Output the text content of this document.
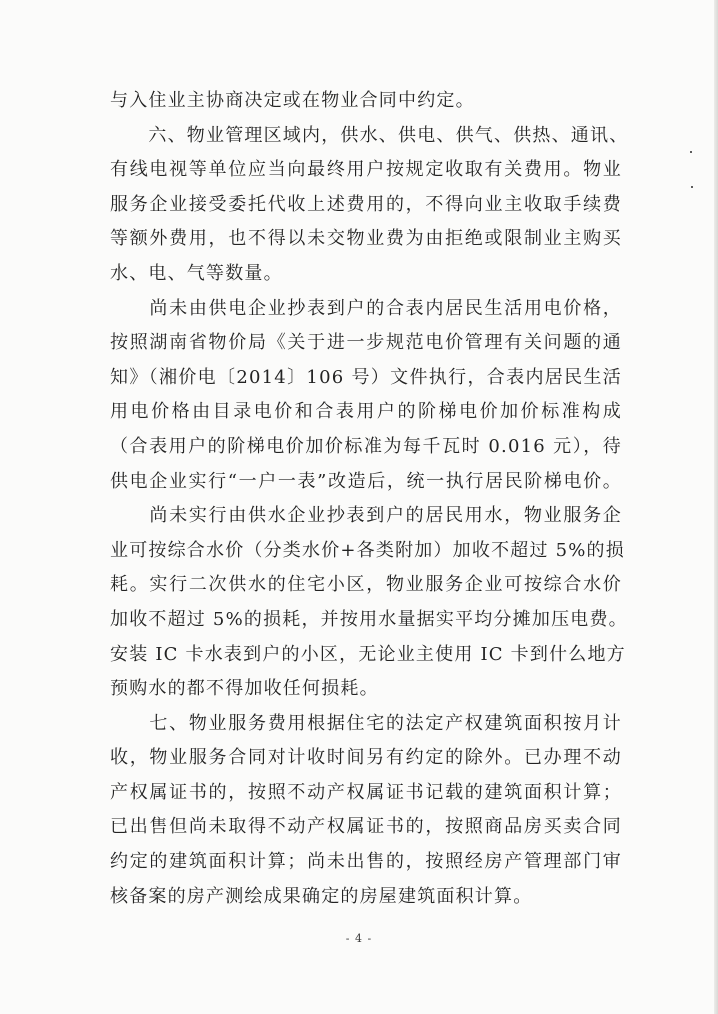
与入住业主协商决定或在物业合同中约定。
　　六、物业管理区域内，供水、供电、供气、供热、通讯、
有线电视等单位应当向最终用户按规定收取有关费用。物业
服务企业接受委托代收上述费用的，不得向业主收取手续费
等额外费用，也不得以未交物业费为由拒绝或限制业主购买
水、电、气等数量。
　　尚未由供电企业抄表到户的合表内居民生活用电价格，
按照湖南省物价局《关于进一步规范电价管理有关问题的通
知》（湘价电〔2014〕106 号）文件执行，合表内居民生活
用电价格由目录电价和合表用户的阶梯电价加价标准构成
（合表用户的阶梯电价加价标准为每千瓦时 0.016 元），待
供电企业实行“一户一表”改造后，统一执行居民阶梯电价。
　　尚未实行由供水企业抄表到户的居民用水，物业服务企
业可按综合水价（分类水价+各类附加）加收不超过 5%的损
耗。实行二次供水的住宅小区，物业服务企业可按综合水价
加收不超过 5%的损耗，并按用水量据实平均分摊加压电费。
安装 IC 卡水表到户的小区，无论业主使用 IC 卡到什么地方
预购水的都不得加收任何损耗。
　　七、物业服务费用根据住宅的法定产权建筑面积按月计
收，物业服务合同对计收时间另有约定的除外。已办理不动
产权属证书的，按照不动产权属证书记载的建筑面积计算；
已出售但尚未取得不动产权属证书的，按照商品房买卖合同
约定的建筑面积计算；尚未出售的，按照经房产管理部门审
核备案的房产测绘成果确定的房屋建筑面积计算。
- 4 -
